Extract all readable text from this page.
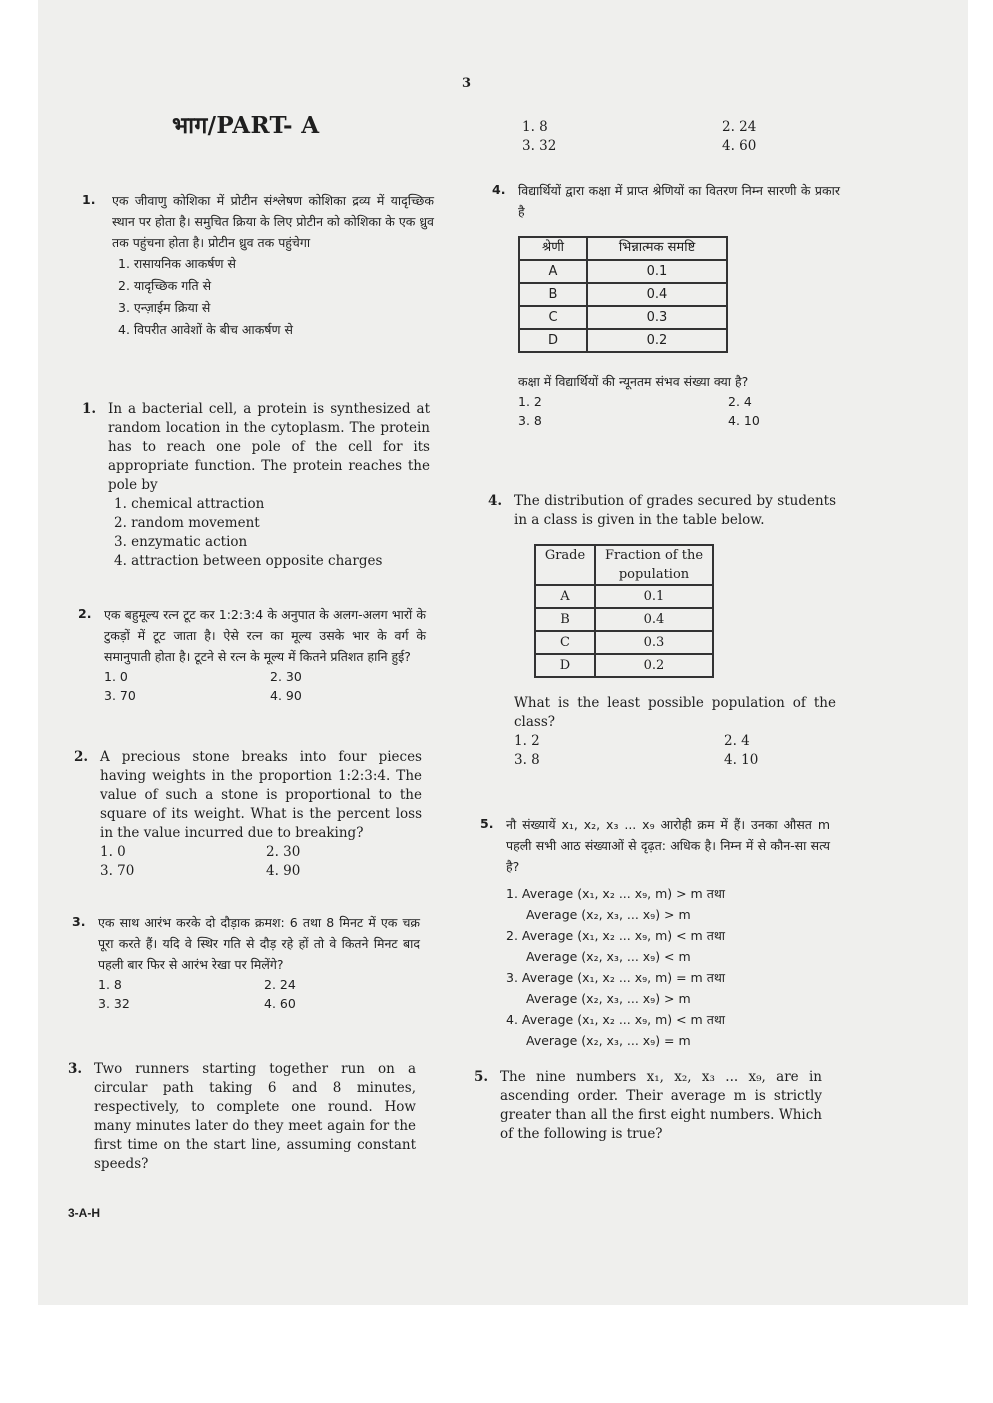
3
भाग/PART- A
1. एक जीवाणु कोशिका में प्रोटीन संश्लेषण कोशिका द्रव्य में यादृच्छिक स्थान पर होता है। समुचित क्रिया के लिए प्रोटीन को कोशिका के एक ध्रुव तक पहुंचना होता है। प्रोटीन ध्रुव तक पहुंचेगा
1. रासायनिक आकर्षण से
2. यादृच्छिक गति से
3. एन्ज़ाईम क्रिया से
4. विपरीत आवेशों के बीच आकर्षण से
1. In a bacterial cell, a protein is synthesized at random location in the cytoplasm. The protein has to reach one pole of the cell for its appropriate function. The protein reaches the pole by
1. chemical attraction
2. random movement
3. enzymatic action
4. attraction between opposite charges
2. एक बहुमूल्य रत्न टूट कर 1:2:3:4 के अनुपात के अलग-अलग भारों के टुकड़ों में टूट जाता है। ऐसे रत्न का मूल्य उसके भार के वर्ग के समानुपाती होता है। टूटने से रत्न के मूल्य में कितने प्रतिशत हानि हुई?
1. 0	2. 30
3. 70	4. 90
2. A precious stone breaks into four pieces having weights in the proportion 1:2:3:4. The value of such a stone is proportional to the square of its weight. What is the percent loss in the value incurred due to breaking?
1. 0	2. 30
3. 70	4. 90
3. एक साथ आरंभ करके दो दौड़ाक क्रमश: 6 तथा 8 मिनट में एक चक्र पूरा करते हैं। यदि वे स्थिर गति से दौड़ रहे हों तो वे कितने मिनट बाद पहली बार फिर से आरंभ रेखा पर मिलेंगे?
1. 8	2. 24
3. 32	4. 60
3. Two runners starting together run on a circular path taking 6 and 8 minutes, respectively, to complete one round. How many minutes later do they meet again for the first time on the start line, assuming constant speeds?
1. 8	2. 24
3. 32	4. 60
4. विद्यार्थियों द्वारा कक्षा में प्राप्त श्रेणियों का वितरण निम्न सारणी के प्रकार है
श्रेणी	भिन्नात्मक समष्टि
A	0.1
B	0.4
C	0.3
D	0.2
कक्षा में विद्यार्थियों की न्यूनतम संभव संख्या क्या है?
1. 2	2. 4
3. 8	4. 10
4. The distribution of grades secured by students in a class is given in the table below.
Grade	Fraction of the population
A	0.1
B	0.4
C	0.3
D	0.2
What is the least possible population of the class?
1. 2	2. 4
3. 8	4. 10
5. नौ संख्यायें x₁, x₂, x₃ ... x₉ आरोही क्रम में हैं। उनका औसत m पहली सभी आठ संख्याओं से दृढ़त: अधिक है। निम्न में से कौन-सा सत्य है?
1. Average (x₁, x₂ ... x₉, m) > m तथा
Average (x₂, x₃, ... x₉) > m
2. Average (x₁, x₂ ... x₉, m) < m तथा
Average (x₂, x₃, ... x₉) < m
3. Average (x₁, x₂ ... x₉, m) = m तथा
Average (x₂, x₃, ... x₉) > m
4. Average (x₁, x₂ ... x₉, m) < m तथा
Average (x₂, x₃, ... x₉) = m
5. The nine numbers x₁, x₂, x₃ ... x₉, are in ascending order. Their average m is strictly greater than all the first eight numbers. Which of the following is true?
3-A-H
